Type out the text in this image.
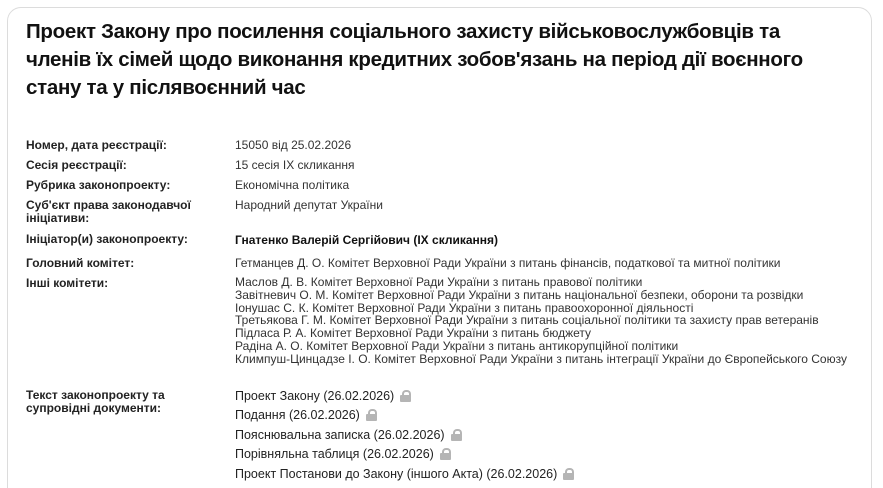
Проект Закону про посилення соціального захисту військовослужбовців та членів їх сімей щодо виконання кредитних зобов'язань на період дії воєнного стану та у післявоєнний час
Номер, дата реєстрації:	15050 від 25.02.2026
Сесія реєстрації:	15 сесія IX скликання
Рубрика законопроекту:	Економічна політика
Суб'єкт права законодавчої ініціативи:
Народний депутат України
Ініціатор(и) законопроекту:	Гнатенко Валерій Сергійович (IX скликання)
Головний комітет:	Гетманцев Д. О. Комітет Верховної Ради України з питань фінансів, податкової та митної політики
Інші комітети:	Маслов Д. В. Комітет Верховної Ради України з питань правової політики
Завітневич О. М. Комітет Верховної Ради України з питань національної безпеки, оборони та розвідки
Іонушас С. К. Комітет Верховної Ради України з питань правоохоронної діяльності
Третьякова Г. М. Комітет Верховної Ради України з питань соціальної політики та захисту прав ветеранів
Підласа Р. А. Комітет Верховної Ради України з питань бюджету
Радіна А. О. Комітет Верховної Ради України з питань антикорупційної політики
Климпуш-Цинцадзе І. О. Комітет Верховної Ради України з питань інтеграції України до Європейського Союзу
Текст законопроекту та супровідні документи:
Проект Закону (26.02.2026)
Подання (26.02.2026)
Пояснювальна записка (26.02.2026)
Порівняльна таблиця (26.02.2026)
Проект Постанови до Закону (іншого Акта) (26.02.2026)
